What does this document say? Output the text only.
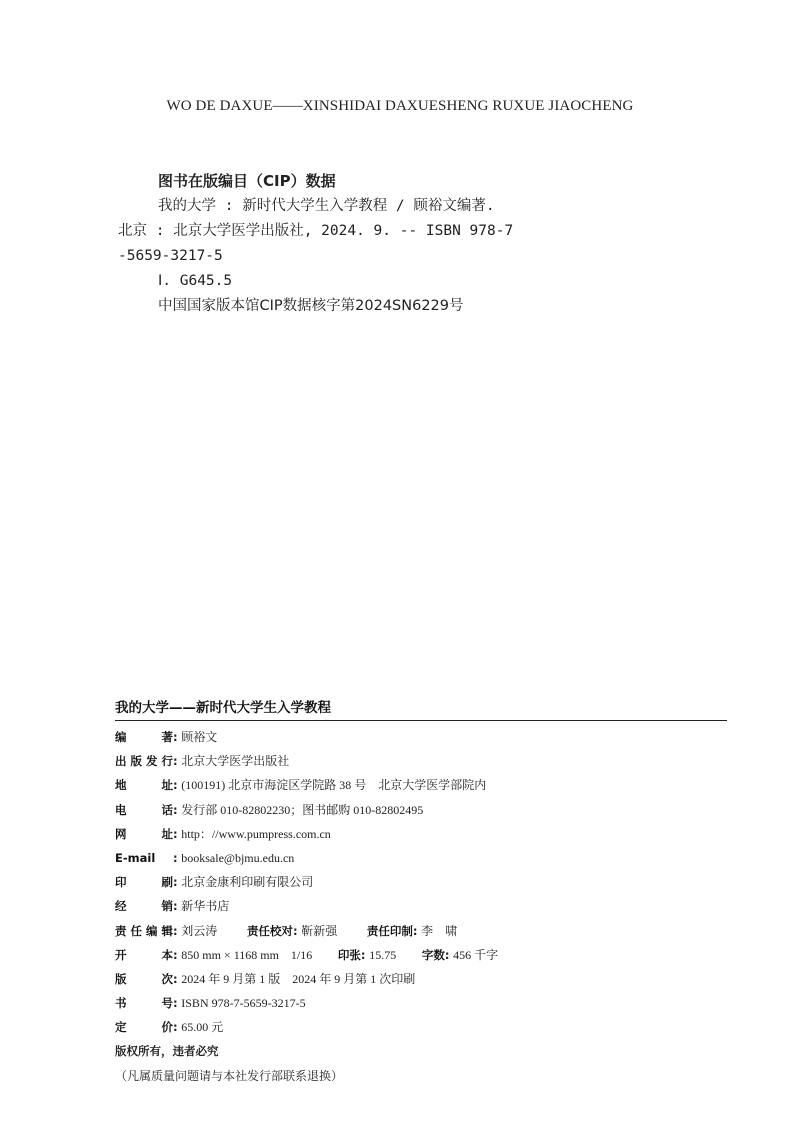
WO DE DAXUE——XINSHIDAI DAXUESHENG RUXUE JIAOCHENG
图书在版编目（CIP）数据
我的大学 : 新时代大学生入学教程 / 顾裕文编著.
北京 : 北京大学医学出版社, 2024. 9. -- ISBN 978-7
-5659-3217-5
Ⅰ. G645.5
中国国家版本馆CIP数据核字第2024SN6229号
我的大学——新时代大学生入学教程
编著: 顾裕文
出版发行: 北京大学医学出版社
地址: (100191) 北京市海淀区学院路 38 号　北京大学医学部院内
电话: 发行部 010-82802230；图书邮购 010-82802495
网址: http：//www.pumpress.com.cn
E-mail : booksale@bjmu.edu.cn
印刷: 北京金康利印刷有限公司
经销: 新华书店
责任编辑: 刘云涛	责任校对: 靳新强	责任印制: 李　啸
开本: 850 mm × 1168 mm　1/16 印张: 15.75 字数: 456 千字
版次: 2024 年 9 月第 1 版　2024 年 9 月第 1 次印刷
书号: ISBN 978-7-5659-3217-5
定价: 65.00 元
版权所有，违者必究
（凡属质量问题请与本社发行部联系退换）
